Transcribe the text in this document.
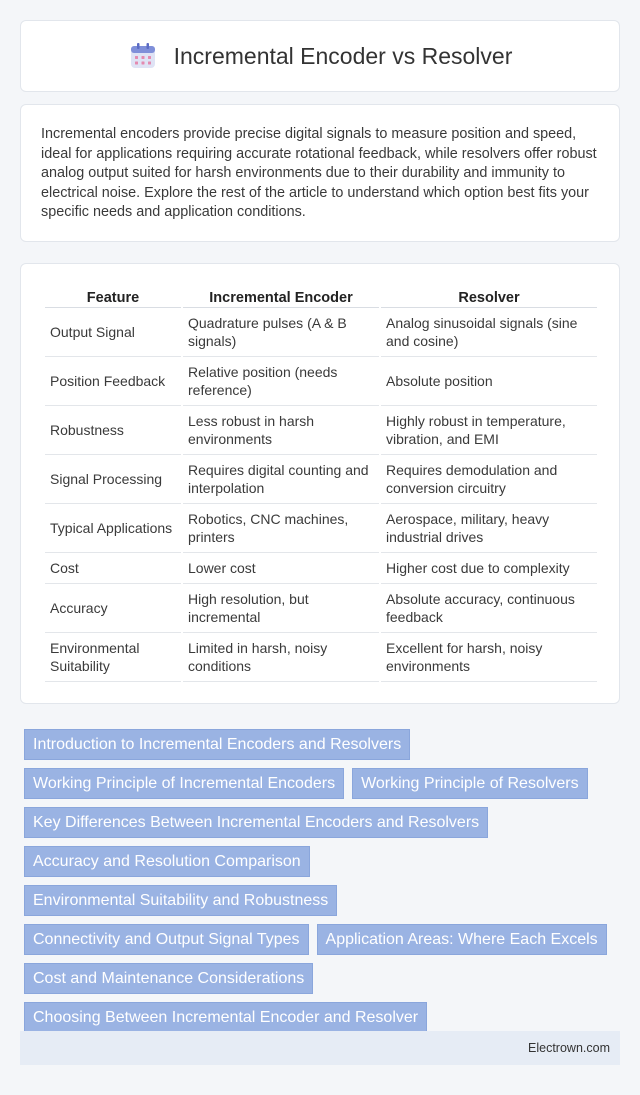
Incremental Encoder vs Resolver

Incremental encoders provide precise digital signals to measure position and speed, ideal for applications requiring accurate rotational feedback, while resolvers offer robust analog output suited for harsh environments due to their durability and immunity to electrical noise. Explore the rest of the article to understand which option best fits your specific needs and application conditions.

Feature	Incremental Encoder	Resolver
Output Signal	Quadrature pulses (A & B signals)	Analog sinusoidal signals (sine and cosine)
Position Feedback	Relative position (needs reference)	Absolute position
Robustness	Less robust in harsh environments	Highly robust in temperature, vibration, and EMI
Signal Processing	Requires digital counting and interpolation	Requires demodulation and conversion circuitry
Typical Applications	Robotics, CNC machines, printers	Aerospace, military, heavy industrial drives
Cost	Lower cost	Higher cost due to complexity
Accuracy	High resolution, but incremental	Absolute accuracy, continuous feedback
Environmental Suitability	Limited in harsh, noisy conditions	Excellent for harsh, noisy environments
Introduction to Incremental Encoders and Resolvers
Working Principle of Incremental Encoders	Working Principle of Resolvers
Key Differences Between Incremental Encoders and Resolvers
Accuracy and Resolution Comparison
Environmental Suitability and Robustness
Connectivity and Output Signal Types	Application Areas: Where Each Excels
Cost and Maintenance Considerations
Choosing Between Incremental Encoder and Resolver
Electrown.com
